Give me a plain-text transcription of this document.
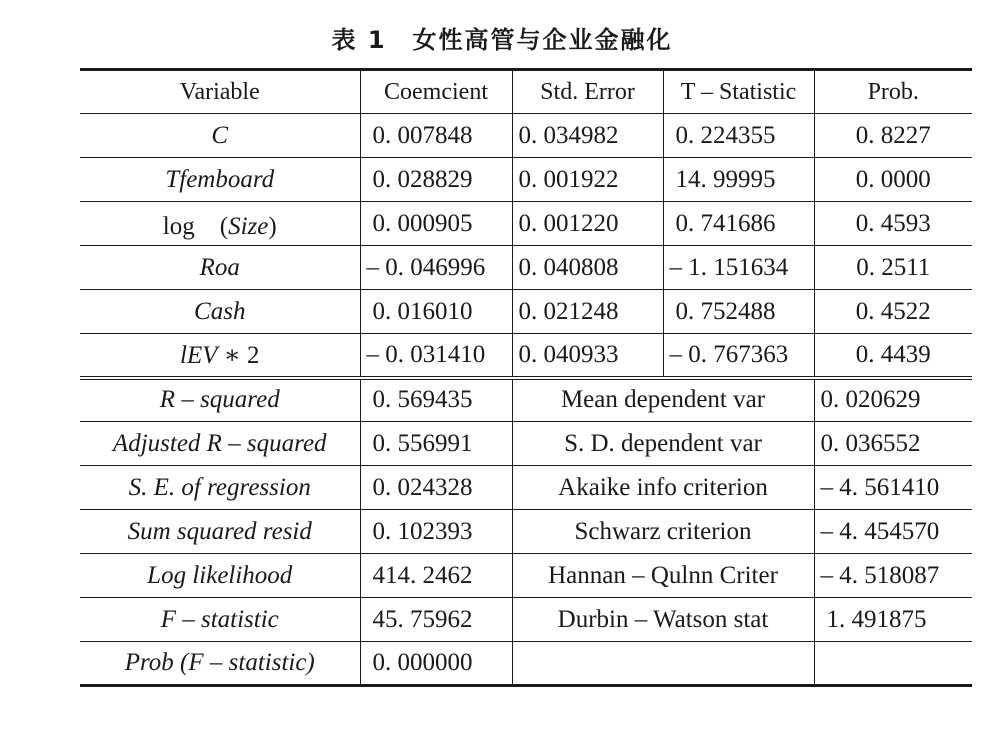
表 1 女性高管与企业金融化
Variable	Coemcient	Std. Error	T – Statistic	Prob.
C	0. 007848	0. 034982	0. 224355	0. 8227
Tfemboard	0. 028829	0. 001922	14. 99995	0. 0000
log　(Size)	0. 000905	0. 001220	0. 741686	0. 4593
Roa	– 0. 046996	0. 040808	– 1. 151634	0. 2511
Cash	0. 016010	0. 021248	0. 752488	0. 4522
lEV ∗ 2	– 0. 031410	0. 040933	– 0. 767363	0. 4439
R – squared	0. 569435	Mean dependent var		0. 020629
Adjusted R – squared	0. 556991	S. D. dependent var		0. 036552
S. E. of regression	0. 024328	Akaike info criterion		– 4. 561410
Sum squared resid	0. 102393	Schwarz criterion		– 4. 454570
Log likelihood	414. 2462	Hannan – Qulnn Criter		– 4. 518087
F – statistic	45. 75962	Durbin – Watson stat		1. 491875
Prob (F – statistic)	0. 000000			
